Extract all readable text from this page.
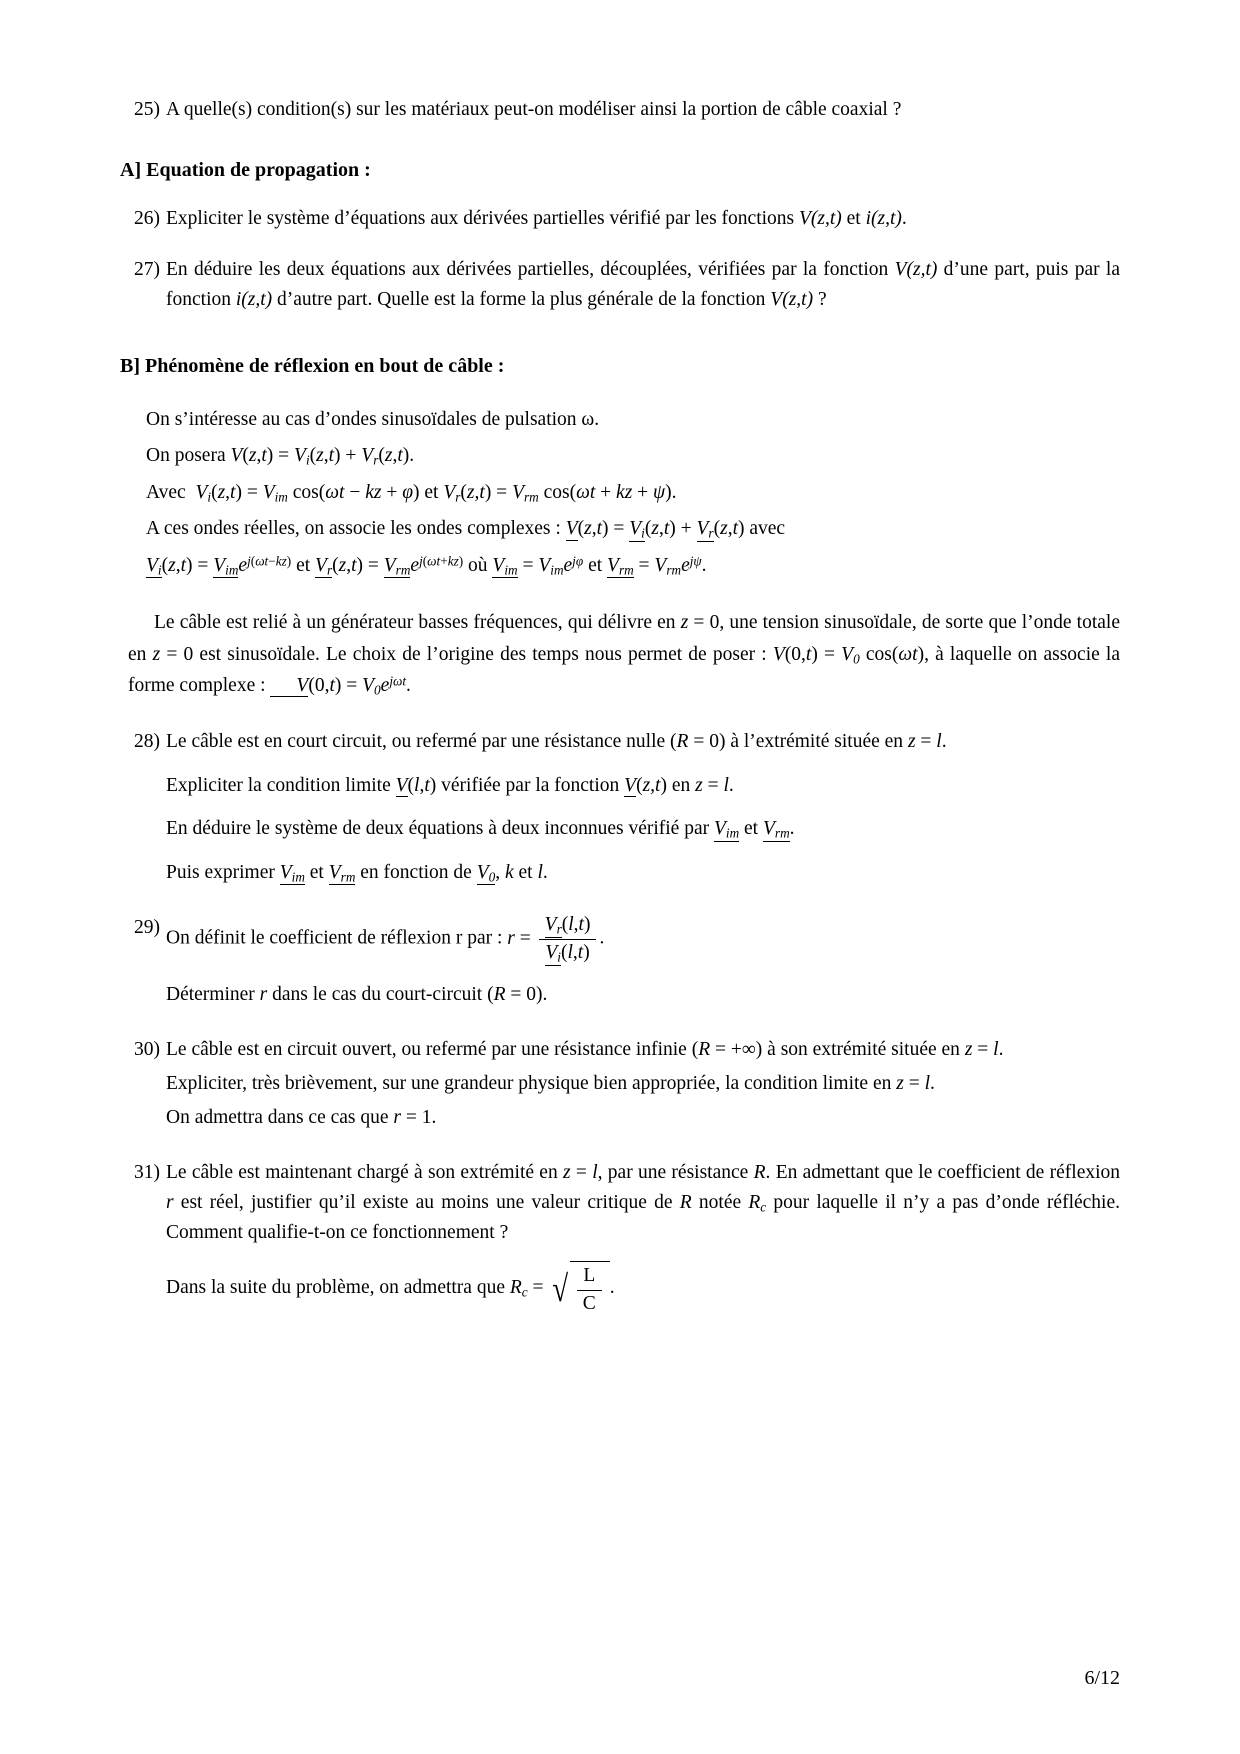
25) A quelle(s) condition(s) sur les matériaux peut-on modéliser ainsi la portion de câble coaxial ?

A] Equation de propagation :
26) Expliciter le système d’équations aux dérivées partielles vérifié par les fonctions V(z,t) et i(z,t).

27) En déduire les deux équations aux dérivées partielles, découplées, vérifiées par la fonction V(z,t) d’une part, puis par la fonction i(z,t) d’autre part. Quelle est la forme la plus générale de la fonction V(z,t) ?

B] Phénomène de réflexion en bout de câble :

On s’intéresse au cas d’ondes sinusoïdales de pulsation ω.

On posera $V(z,t) = V_i(z,t) + V_r(z,t)$.

Avec  $V_i(z,t) = V_{im}$ cos(ωt − kz + φ) et $V_r(z,t) = V_{rm}$ cos(ωt + kz + ψ).

A ces ondes réelles, on associe les ondes complexes : $V(z,t) = V_i(z,t) + V_r(z,t)$ avec

$V_i(z,t) = V_{im}e^{j(\omega t-kz)}$ et $V_r(z,t) = V_{rm}e^{j(\omega t+kz)}$ où $V_{im} = V_{im}e^{j\varphi}$ et $V_{rm} = V_{rm}e^{j\psi}$.

Le câble est relié à un générateur basses fréquences, qui délivre en z = 0, une tension sinusoïdale, de sorte que l’onde totale en z = 0 est sinusoïdale. Le choix de l’origine des temps nous permet de poser : $V(0,t) = V_0$ cos(ωt), à laquelle on associe la forme complexe : $V(0,t) = V_0e^{j\omega t}$.
28) Le câble est en court circuit, ou refermé par une résistance nulle (R = 0) à l’extrémité située en z = l.

Expliciter la condition limite V(l,t) vérifiée par la fonction V(z,t) en z = l.

En déduire le système de deux équations à deux inconnues vérifié par $V_{im}$ et $V_{rm}$.

Puis exprimer $V_{im}$ et $V_{rm}$ en fonction de $V_0$, k et l.

29)

On définit le coefficient de réflexion r par : $r = \frac{V_r(l,t)}{V_i(l,t)}$ .

Déterminer r dans le cas du court-circuit (R = 0).

30) Le câble est en circuit ouvert, ou refermé par une résistance infinie (R = +∞) à son extrémité située en z = l.

Expliciter, très brièvement, sur une grandeur physique bien appropriée, la condition limite en z = l.

On admettra dans ce cas que r = 1.

31) Le câble est maintenant chargé à son extrémité en z = l, par une résistance R. En admettant que le coefficient de réflexion r est réel, justifier qu’il existe au moins une valeur critique de R notée $R_c$ pour laquelle il n’y a pas d’onde réfléchie. Comment qualifie-t-on ce fonctionnement ?

Dans la suite du problème, on admettra que $R_c$ = √ $\frac{L}{C}$ .

6/12
